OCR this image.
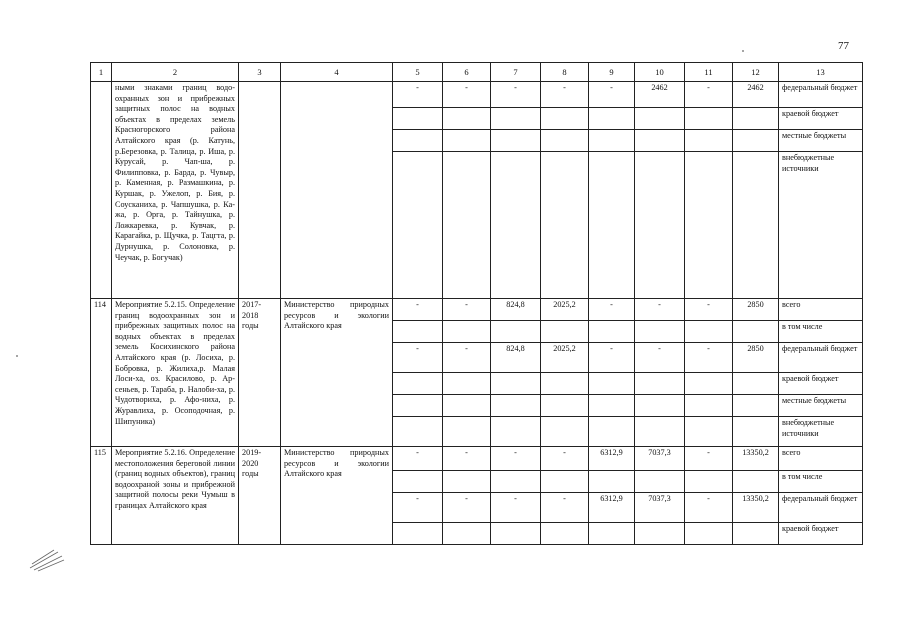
77
1	2	3	4	5	6	7	8	9	10	11	12	13
	ными знаками границ водо-охранных зон и прибрежных защитных полос на водных объектах в пределах земель Красногорского района Алтайского края (р. Катунь, р.Березовка, р. Талица, р. Иша, р. Курусай, р. Чап-ша, р. Филипповка, р. Барда, р. Чувыр, р. Каменная, р. Размашкина, р. Куршак, р. Ужелоп, р. Бия, р. Соусканиха, р. Чапшушка, р. Ка-жа, р. Орга, р. Тайнушка, р. Ложкаревка, р. Кувчак, р. Карагайка, р. Щучка, р. Тацгта, р. Дурнушка, р. Солоновка, р. Чеучак, р. Богучак)			-	-	-	-	-	2462	-	2462	федеральный бюджет
												краевой бюджет
												местные бюджеты
												внебюджетные источники
114	Мероприятие 5.2.15. Определение границ водоохранных зон и прибрежных защитных полос на водных объектах в пределах земель Косихинского района Алтайского края (р. Лосиха, р. Бобровка, р. Жилиха,р. Малая Лоси-ха, оз. Красилово, р. Ар-сеньев, р. Тараба, р. Налоби-ха, р. Чудотвориха, р. Афо-ниха, р. Журавлиха, р. Осоподочная, р. Шипуника)	2017-2018 годы	Министерство природных ресурсов и экологии Алтайского края	-	-	824,8	2025,2	-	-	-	2850	всего
												в том числе
				-	-	824,8	2025,2	-	-	-	2850	федеральный бюджет
												краевой бюджет
												местные бюджеты
												внебюджетные источники
115	Мероприятие 5.2.16. Определение местоположения береговой линии (границ водных объектов), границ водоохраной зоны и прибрежной защитной полосы реки Чумыш в границах Алтайского края	2019-2020 годы	Министерство природных ресурсов и экологии Алтайского края	-	-	-	-	6312,9	7037,3	-	13350,2	всего
												в том числе
				-	-	-	-	6312,9	7037,3	-	13350,2	федеральный бюджет
												краевой бюджет
